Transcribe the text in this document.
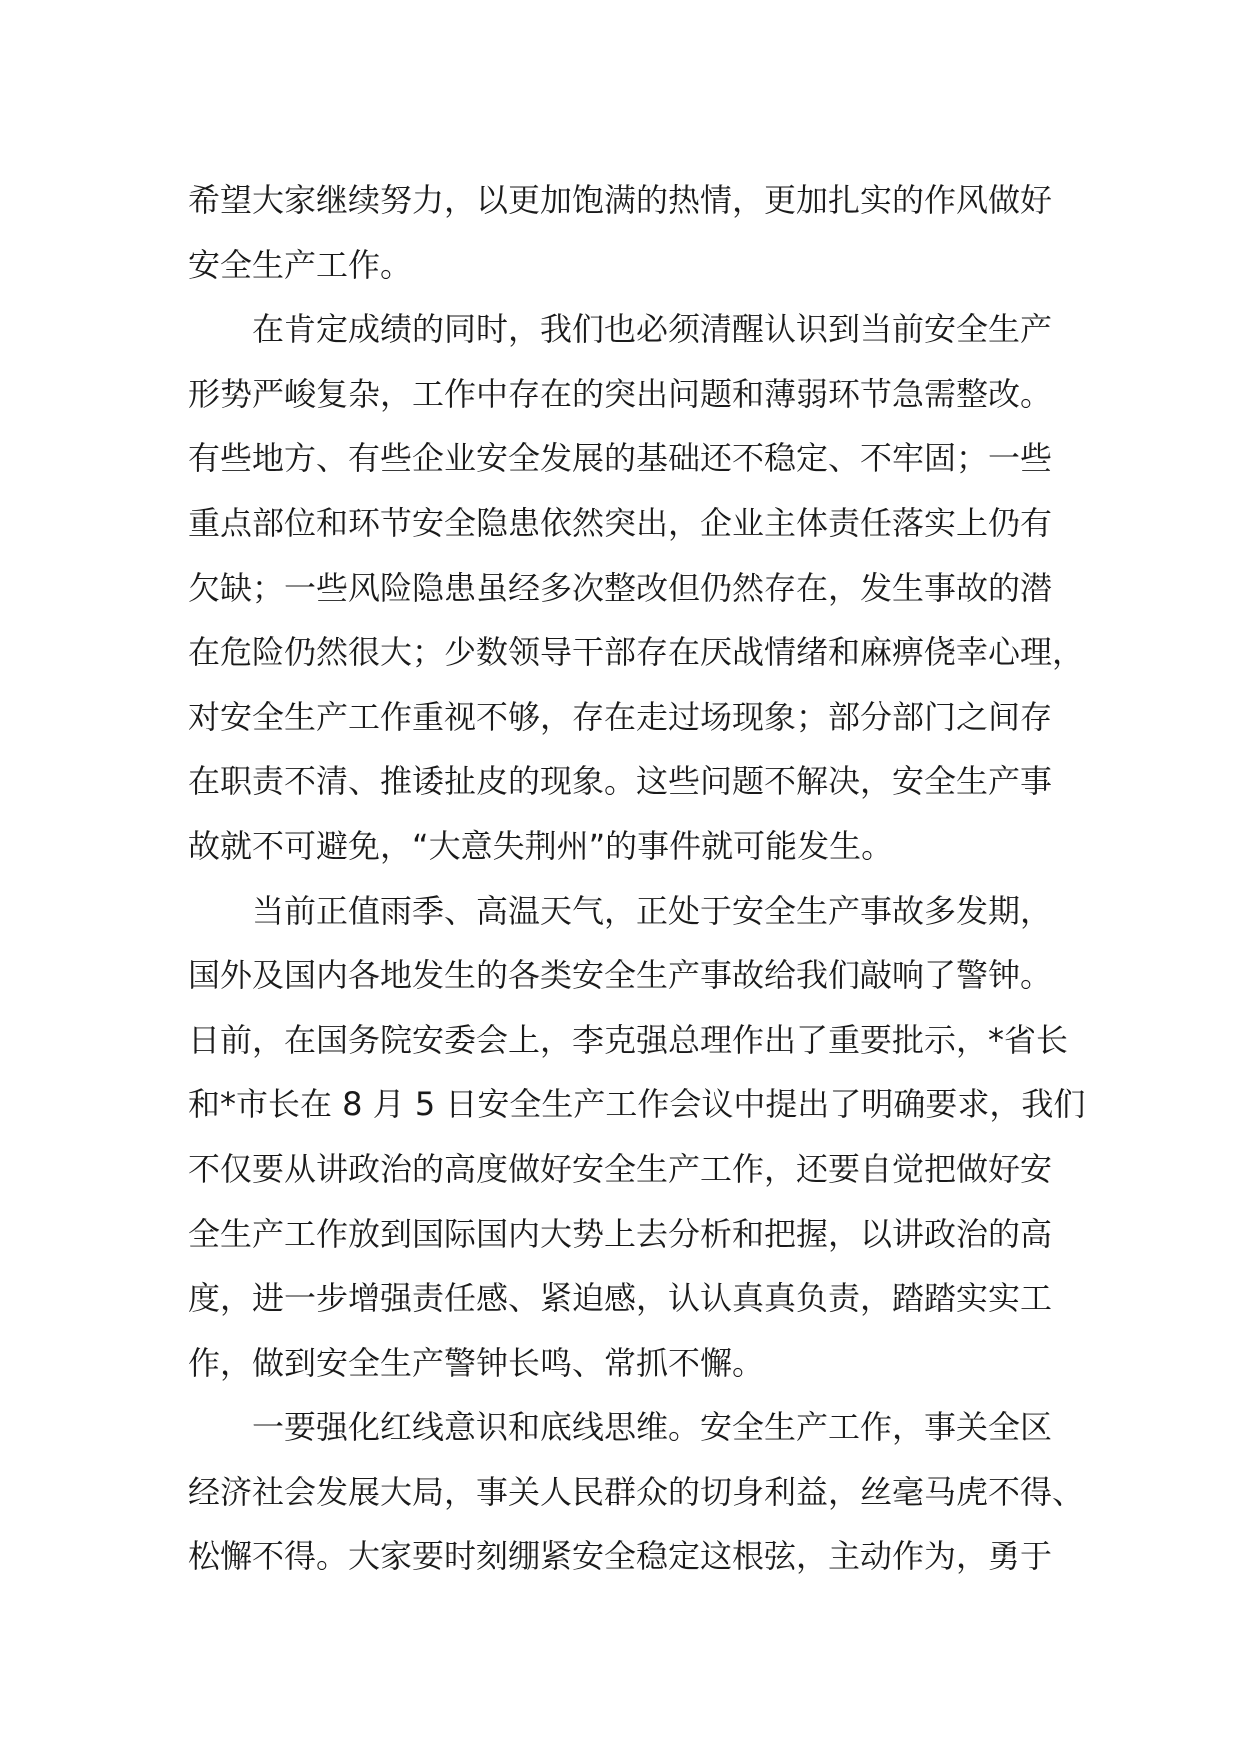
希望大家继续努力，以更加饱满的热情，更加扎实的作风做好
安全生产工作。

在肯定成绩的同时，我们也必须清醒认识到当前安全生产
形势严峻复杂，工作中存在的突出问题和薄弱环节急需整改。
有些地方、有些企业安全发展的基础还不稳定、不牢固；一些
重点部位和环节安全隐患依然突出，企业主体责任落实上仍有
欠缺；一些风险隐患虽经多次整改但仍然存在，发生事故的潜
在危险仍然很大；少数领导干部存在厌战情绪和麻痹侥幸心理，
对安全生产工作重视不够，存在走过场现象；部分部门之间存
在职责不清、推诿扯皮的现象。这些问题不解决，安全生产事
故就不可避免，“大意失荆州”的事件就可能发生。

当前正值雨季、高温天气，正处于安全生产事故多发期，
国外及国内各地发生的各类安全生产事故给我们敲响了警钟。
日前，在国务院安委会上，李克强总理作出了重要批示，*省长
和*市长在 8 月 5 日安全生产工作会议中提出了明确要求，我们
不仅要从讲政治的高度做好安全生产工作，还要自觉把做好安
全生产工作放到国际国内大势上去分析和把握，以讲政治的高
度，进一步增强责任感、紧迫感，认认真真负责，踏踏实实工
作，做到安全生产警钟长鸣、常抓不懈。

一要强化红线意识和底线思维。安全生产工作，事关全区
经济社会发展大局，事关人民群众的切身利益，丝毫马虎不得、
松懈不得。大家要时刻绷紧安全稳定这根弦，主动作为，勇于
